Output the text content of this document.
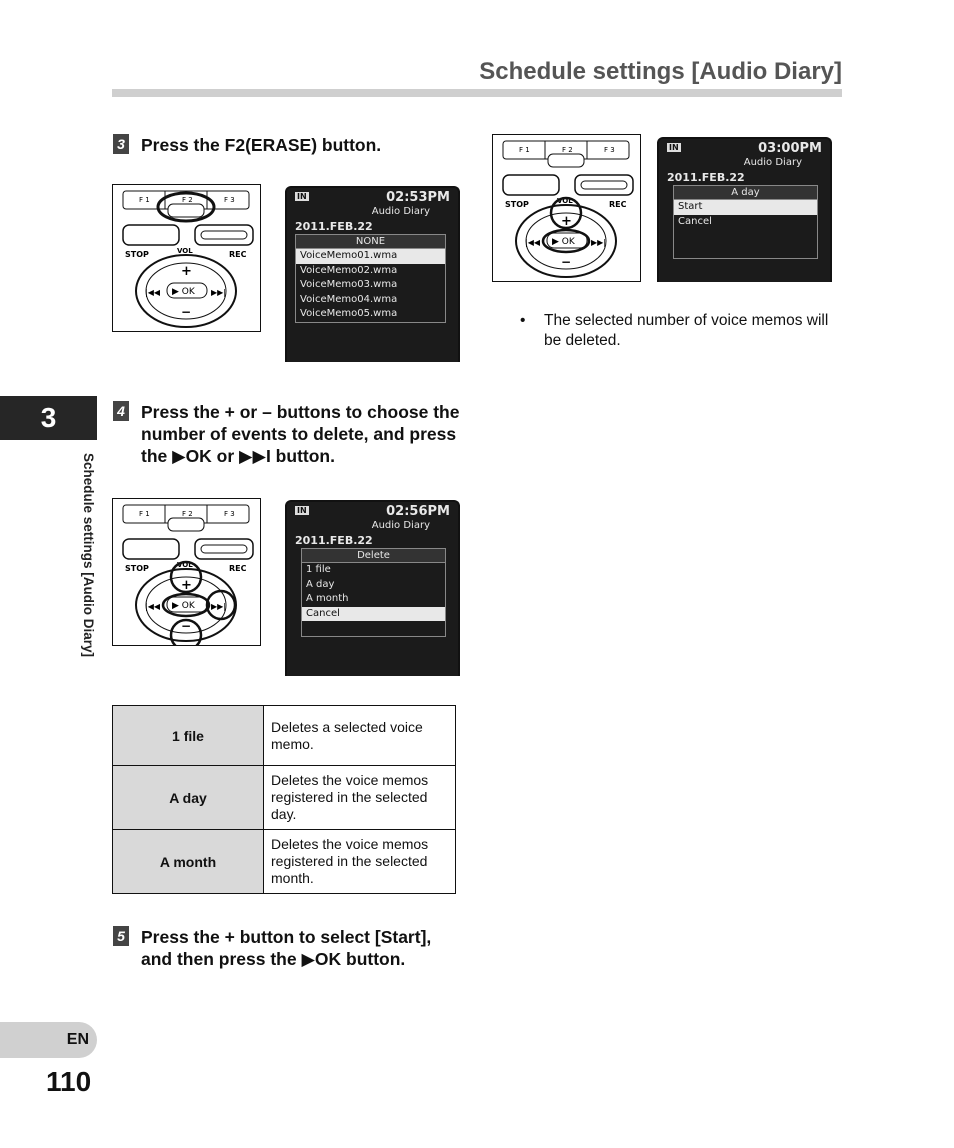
Schedule settings [Audio Diary]
3
Schedule settings [Audio Diary]
EN
110
3 Press the F2(ERASE) button.
F 1	F 2	F 3
STOP	VOL	REC
+
▶ OK
−
|◀◀	▶▶|
IN	02:53PM
Audio Diary
2011.FEB.22
NONE
VoiceMemo01.wma
VoiceMemo02.wma
VoiceMemo03.wma
VoiceMemo04.wma
VoiceMemo05.wma
4 Press the + or – buttons to choose the number of events to delete, and press the ▶OK or ▶▶I button.
F 1	F 2	F 3
STOP	VOL	REC
+
▶ OK
−
|◀◀	▶▶|
IN	02:56PM
Audio Diary
2011.FEB.22
Delete
1 file
A day
A month
Cancel

1 file	Deletes a selected voice memo.
A day	Deletes the voice memos registered in the selected day.
A month	Deletes the voice memos registered in the selected month.
5 Press the + button to select [Start], and then press the ▶OK button.
F 1	F 2	F 3
STOP	VOL	REC
+
▶ OK
−
|◀◀	▶▶|
IN	03:00PM
Audio Diary
2011.FEB.22
A day
Start
Cancel

• The selected number of voice memos will be deleted.
